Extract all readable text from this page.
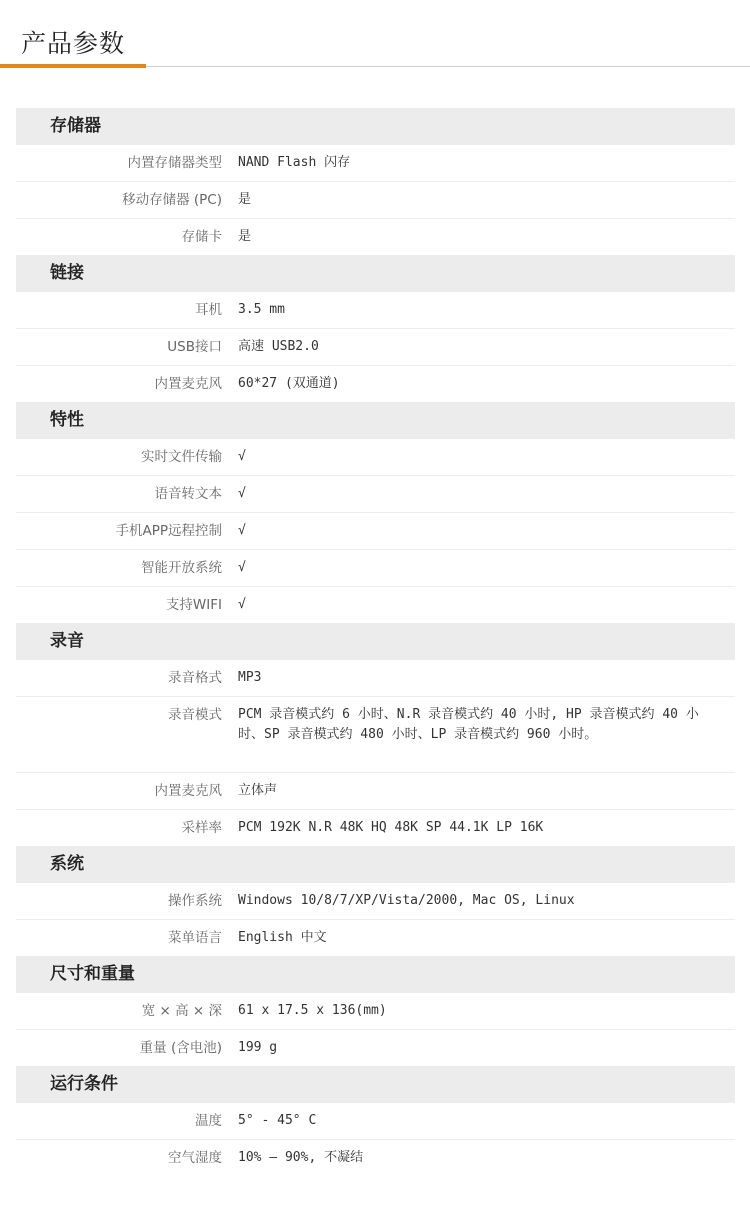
产品参数
存储器
内置存储器类型	NAND Flash 闪存
移动存储器 (PC)	是
存储卡	是
链接
耳机	3.5 mm
USB接口	高速 USB2.0
内置麦克风	60*27 (双通道)
特性
实时文件传输	√
语音转文本	√
手机APP远程控制	√
智能开放系统	√
支持WIFI	√
录音
录音格式	MP3
录音模式	PCM 录音模式约 6 小时、N.R 录音模式约 40 小时, HP 录音模式约 40 小时、SP 录音模式约 480 小时、LP 录音模式约 960 小时。
内置麦克风	立体声
采样率	PCM 192K N.R 48K HQ 48K SP 44.1K LP 16K
系统
操作系统	Windows 10/8/7/XP/Vista/2000, Mac OS, Linux
菜单语言	English 中文
尺寸和重量
宽 × 高 × 深	61 x 17.5 x 136(mm)
重量 (含电池)	199 g
运行条件
温度	5° - 45° C
空气湿度	10% — 90%, 不凝结
